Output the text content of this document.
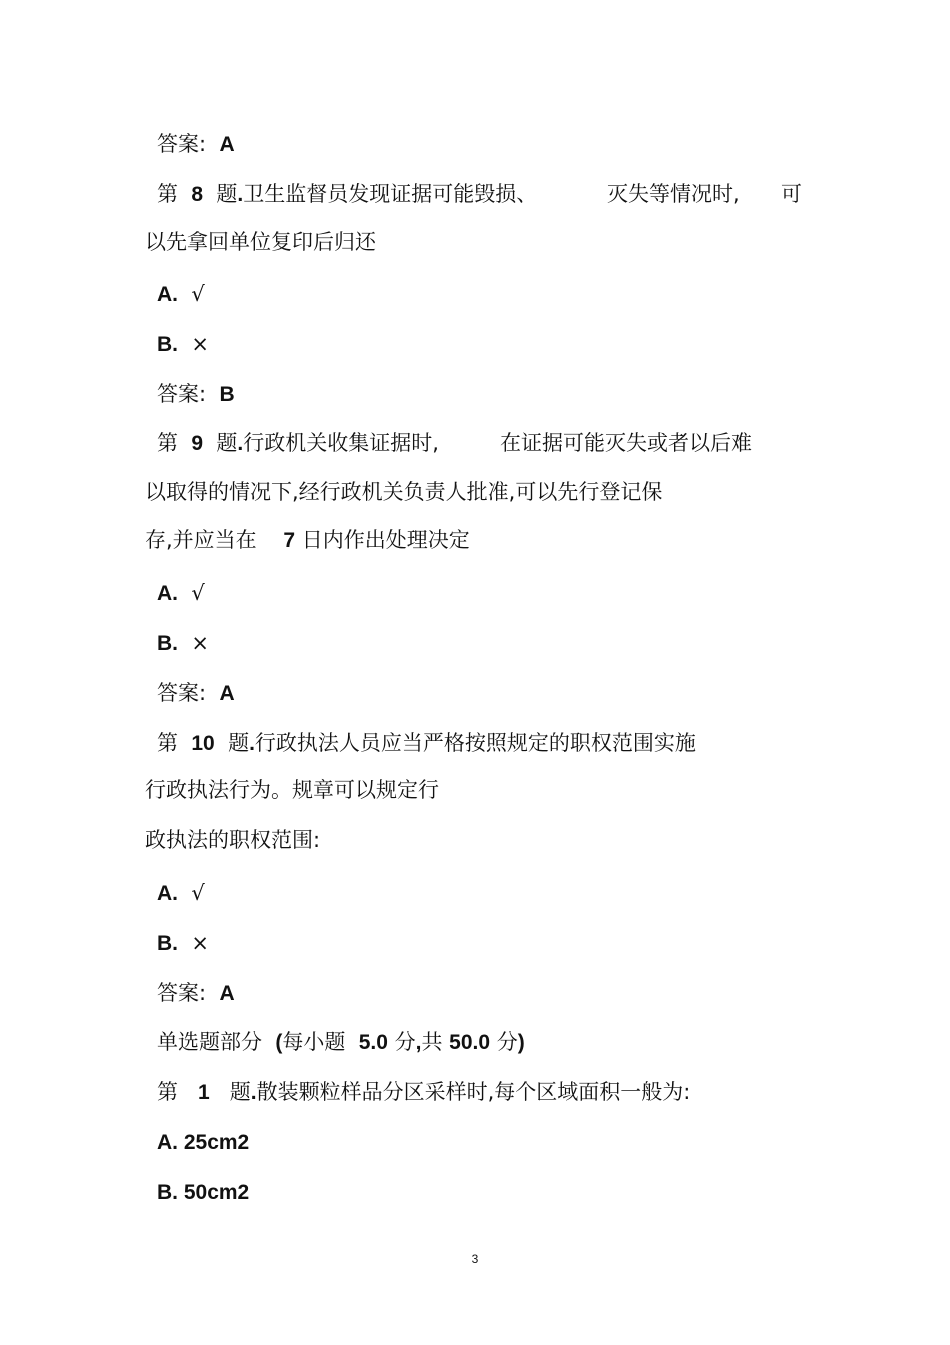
答案: A
第 8 题.卫生监督员发现证据可能毁损、	灭失等情况时, 可
以先拿回单位复印后归还
A. √
B. ×
答案: B
第 9 题.行政机关收集证据时,	在证据可能灭失或者以后难
以取得的情况下,经行政机关负责人批准,可以先行登记保
存,并应当在 7 日内作出处理决定
A. √
B. ×
答案: A
第 10 题.行政执法人员应当严格按照规定的职权范围实施
行政执法行为。规章可以规定行
政执法的职权范围:
A. √
B. ×
答案: A
单选题部分 (每小题 5.0 分,共 50.0 分)
第 1 题.散装颗粒样品分区采样时,每个区域面积一般为:
A. 25cm2
B. 50cm2
3
